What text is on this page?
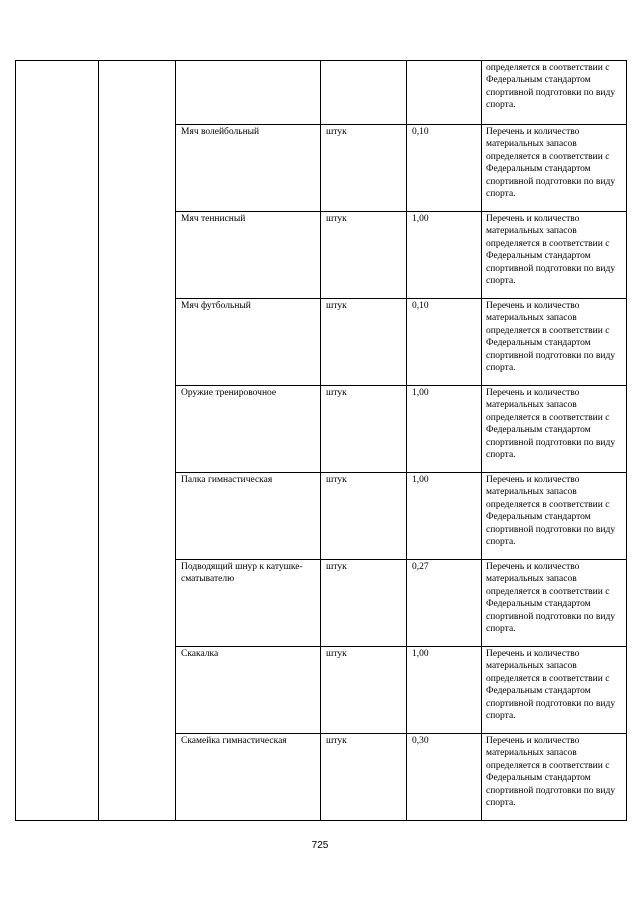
					определяется в соответствии с Федеральным стандартом спортивной подготовки по виду спорта.
		Мяч волейбольный	штук	0,10	Перечень и количество материальных запасов определяется в соответствии с Федеральным стандартом спортивной подготовки по виду спорта.
		Мяч теннисный	штук	1,00	Перечень и количество материальных запасов определяется в соответствии с Федеральным стандартом спортивной подготовки по виду спорта.
		Мяч футбольный	штук	0,10	Перечень и количество материальных запасов определяется в соответствии с Федеральным стандартом спортивной подготовки по виду спорта.
		Оружие тренировочное	штук	1,00	Перечень и количество материальных запасов определяется в соответствии с Федеральным стандартом спортивной подготовки по виду спорта.
		Палка гимнастическая	штук	1,00	Перечень и количество материальных запасов определяется в соответствии с Федеральным стандартом спортивной подготовки по виду спорта.
		Подводящий шнур к катушке-сматывателю	штук	0,27	Перечень и количество материальных запасов определяется в соответствии с Федеральным стандартом спортивной подготовки по виду спорта.
		Скакалка	штук	1,00	Перечень и количество материальных запасов определяется в соответствии с Федеральным стандартом спортивной подготовки по виду спорта.
		Скамейка гимнастическая	штук	0,30	Перечень и количество материальных запасов определяется в соответствии с Федеральным стандартом спортивной подготовки по виду спорта.
725
